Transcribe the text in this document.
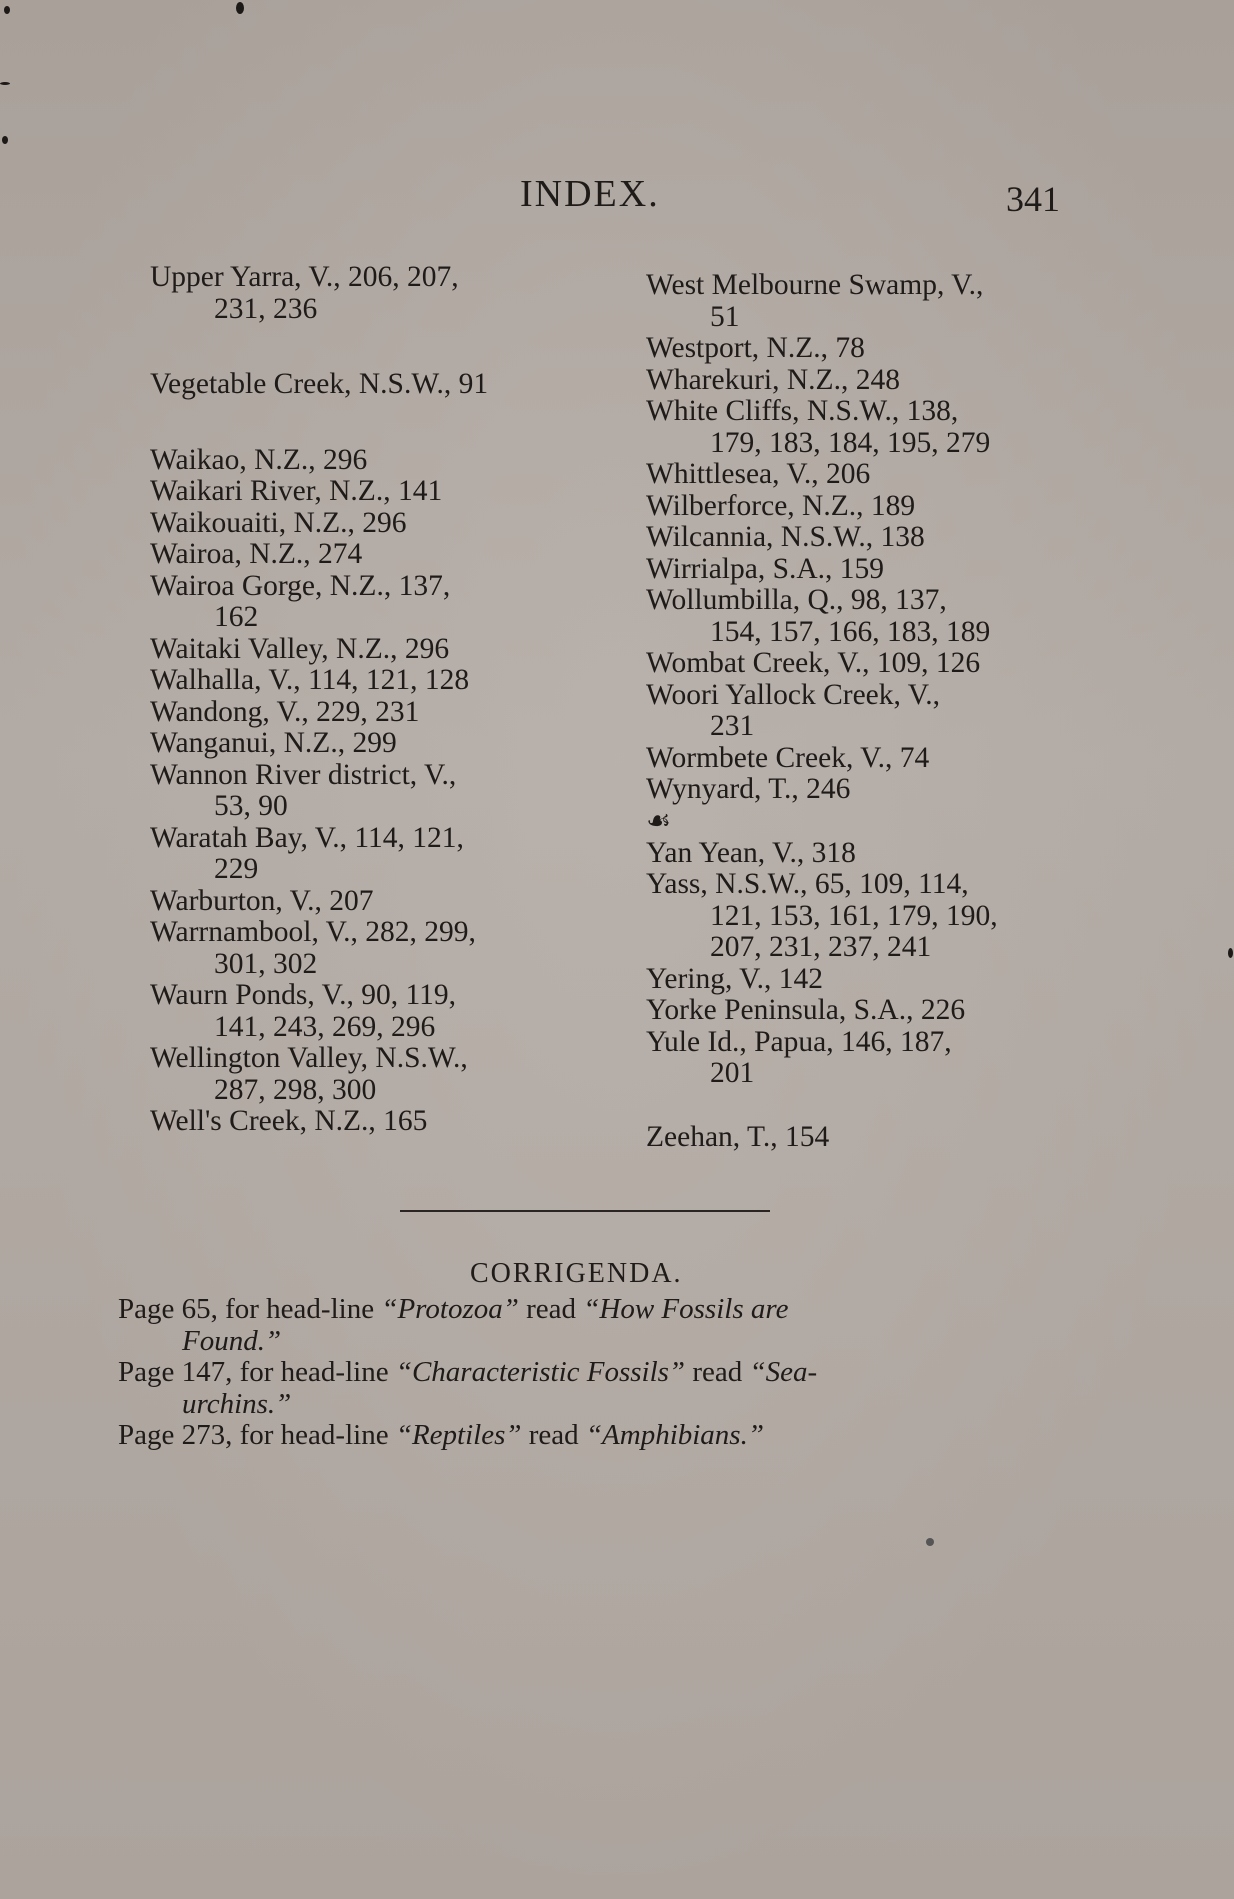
INDEX.	341

Upper Yarra, V., 206, 207,
231, 236

Vegetable Creek, N.S.W., 91

Waikao, N.Z., 296

Waikari River, N.Z., 141

Waikouaiti, N.Z., 296

Wairoa, N.Z., 274

Wairoa Gorge, N.Z., 137,
162

Waitaki Valley, N.Z., 296

Walhalla, V., 114, 121, 128

Wandong, V., 229, 231

Wanganui, N.Z., 299

Wannon River district, V.,
53, 90

Waratah Bay, V., 114, 121,
229

Warburton, V., 207

Warrnambool, V., 282, 299,
301, 302

Waurn Ponds, V., 90, 119,
141, 243, 269, 296

Wellington Valley, N.S.W.,
287, 298, 300

Well's Creek, N.Z., 165

West Melbourne Swamp, V.,
51

Westport, N.Z., 78

Wharekuri, N.Z., 248

White Cliffs, N.S.W., 138,
179, 183, 184, 195, 279

Whittlesea, V., 206

Wilberforce, N.Z., 189

Wilcannia, N.S.W., 138

Wirrialpa, S.A., 159

Wollumbilla, Q., 98, 137,
154, 157, 166, 183, 189

Wombat Creek, V., 109, 126

Woori Yallock Creek, V.,
231

Wormbete Creek, V., 74

Wynyard, T., 246

☙

Yan Yean, V., 318

Yass, N.S.W., 65, 109, 114,
121, 153, 161, 179, 190,
207, 231, 237, 241

Yering, V., 142

Yorke Peninsula, S.A., 226

Yule Id., Papua, 146, 187,
201

Zeehan, T., 154

CORRIGENDA.
Page 65, for head-line “Protozoa” read “How Fossils are
Found.”
Page 147, for head-line “Characteristic Fossils” read “Sea-
urchins.”
Page 273, for head-line “Reptiles” read “Amphibians.”
